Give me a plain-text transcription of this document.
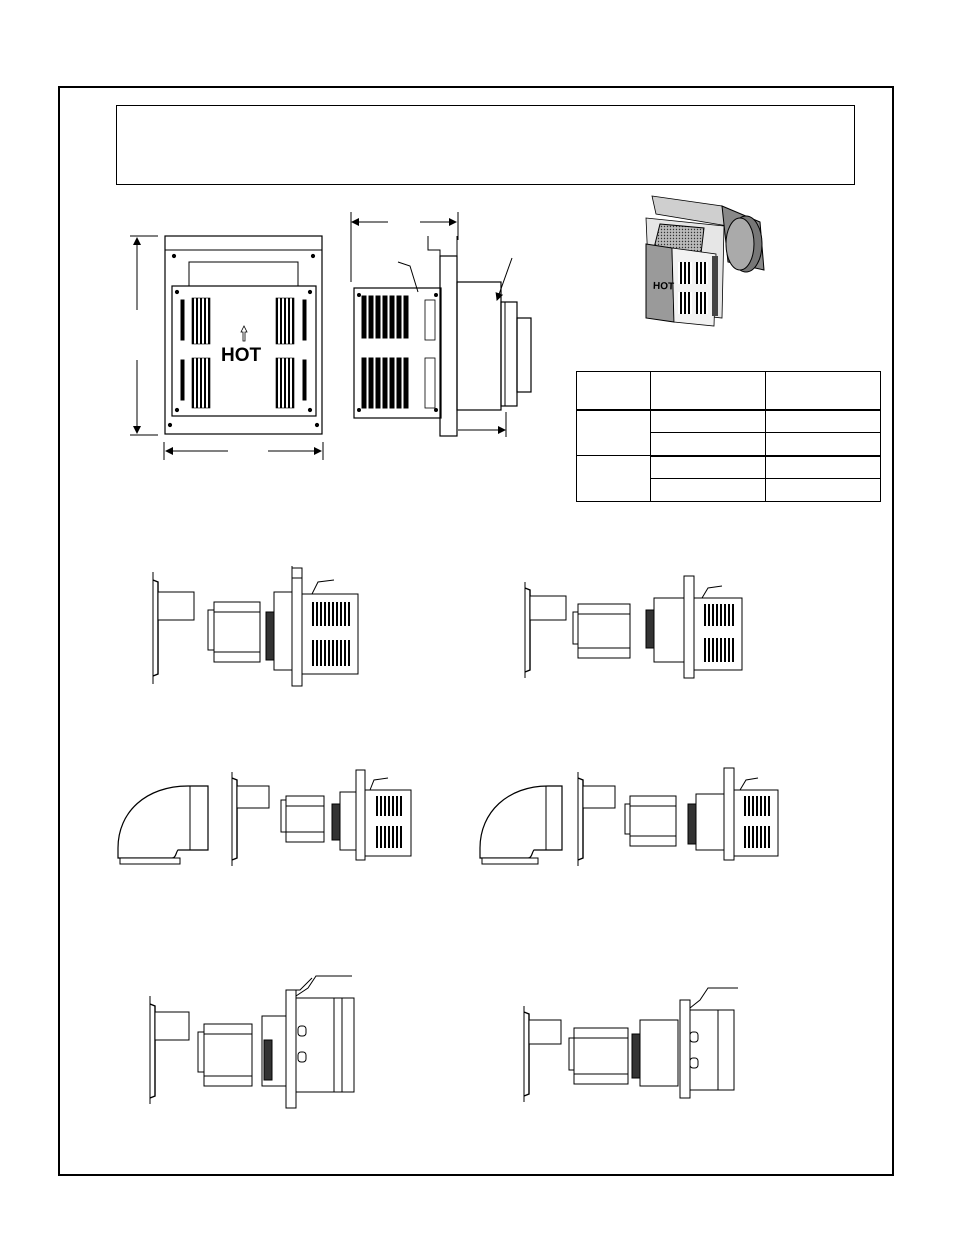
HOT
HOT
